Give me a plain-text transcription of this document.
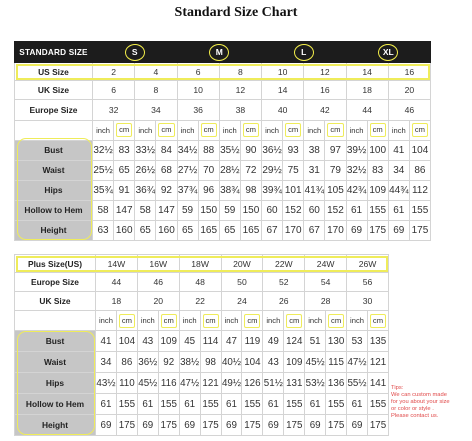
Standard Size Chart
STANDARD SIZE	S				M				L				XL			
US Size	2		4		6		8		10		12		14		16	
UK Size	6		8		10		12		14		16		18		20	
Europe Size	32		34		36		38		40		42		44		46	
	inch	cm	inch	cm	inch	cm	inch	cm	inch	cm	inch	cm	inch	cm	inch	cm
Bust	32½	83	33½	84	34½	88	35½	90	36½	93	38	97	39½	100	41	104
Waist	25½	65	26½	68	27½	70	28½	72	29½	75	31	79	32½	83	34	86
Hips	35¾	91	36¾	92	37¾	96	38¾	98	39¾	101	41¾	105	42¾	109	44¾	112
Hollow to Hem	58	147	58	147	59	150	59	150	60	152	60	152	61	155	61	155
Height	63	160	65	160	65	165	65	165	67	170	67	170	69	175	69	175
Plus Size(US)	14W		16W		18W		20W		22W		24W		26W	
Europe Size	44		46		48		50		52		54		56	
UK Size	18		20		22		24		26		28		30	
	inch	cm	inch	cm	inch	cm	inch	cm	inch	cm	inch	cm	inch	cm
Bust	41	104	43	109	45	114	47	119	49	124	51	130	53	135
Waist	34	86	36½	92	38½	98	40½	104	43	109	45½	115	47½	121
Hips	43½	110	45½	116	47½	121	49½	126	51½	131	53½	136	55½	141
Hollow to Hem	61	155	61	155	61	155	61	155	61	155	61	155	61	155
Height	69	175	69	175	69	175	69	175	69	175	69	175	69	175
Tips:
We can custom made
for you about your size
or color or style .
Please contact us.
